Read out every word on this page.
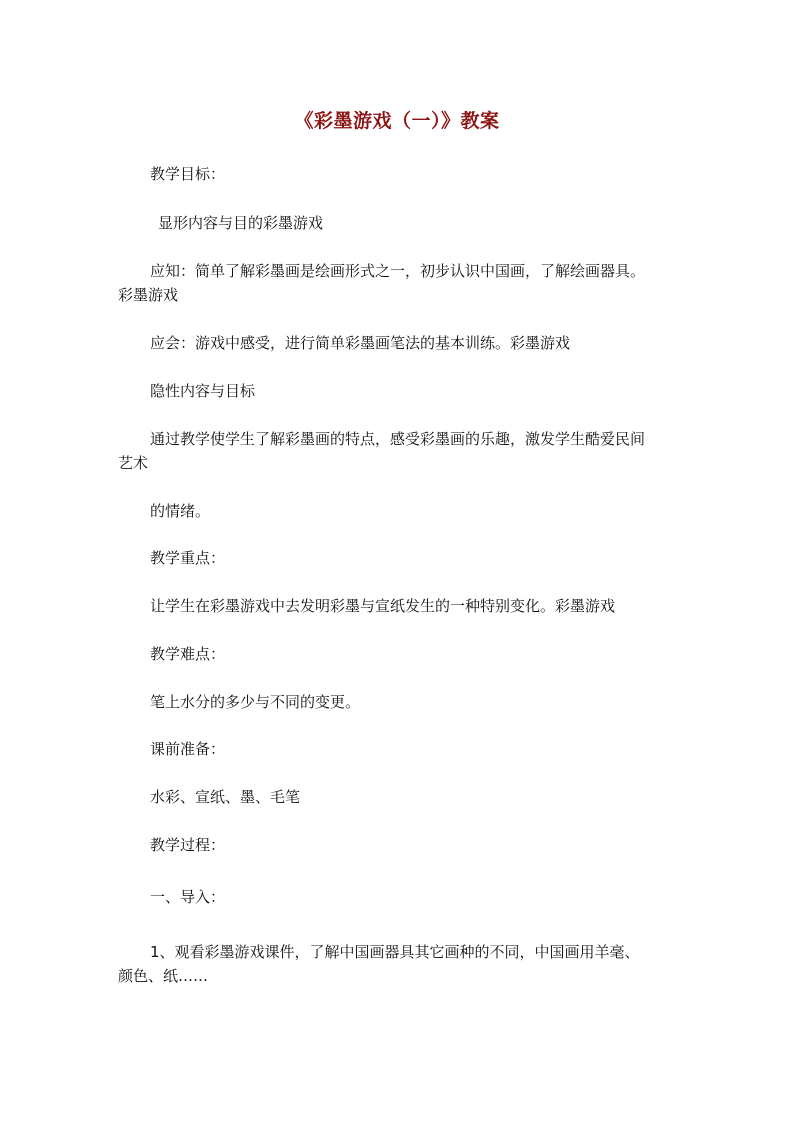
《彩墨游戏（一）》教案
教学目标：
显形内容与目的彩墨游戏
应知：简单了解彩墨画是绘画形式之一，初步认识中国画，了解绘画器具。
彩墨游戏
应会：游戏中感受，进行简单彩墨画笔法的基本训练。彩墨游戏
隐性内容与目标
通过教学使学生了解彩墨画的特点，感受彩墨画的乐趣，激发学生酷爱民间
艺术
的情绪。
教学重点：
让学生在彩墨游戏中去发明彩墨与宣纸发生的一种特别变化。彩墨游戏
教学难点：
笔上水分的多少与不同的变更。
课前准备：
水彩、宣纸、墨、毛笔
教学过程：
一、导入：
1、观看彩墨游戏课件，了解中国画器具其它画种的不同，中国画用羊毫、
颜色、纸……
